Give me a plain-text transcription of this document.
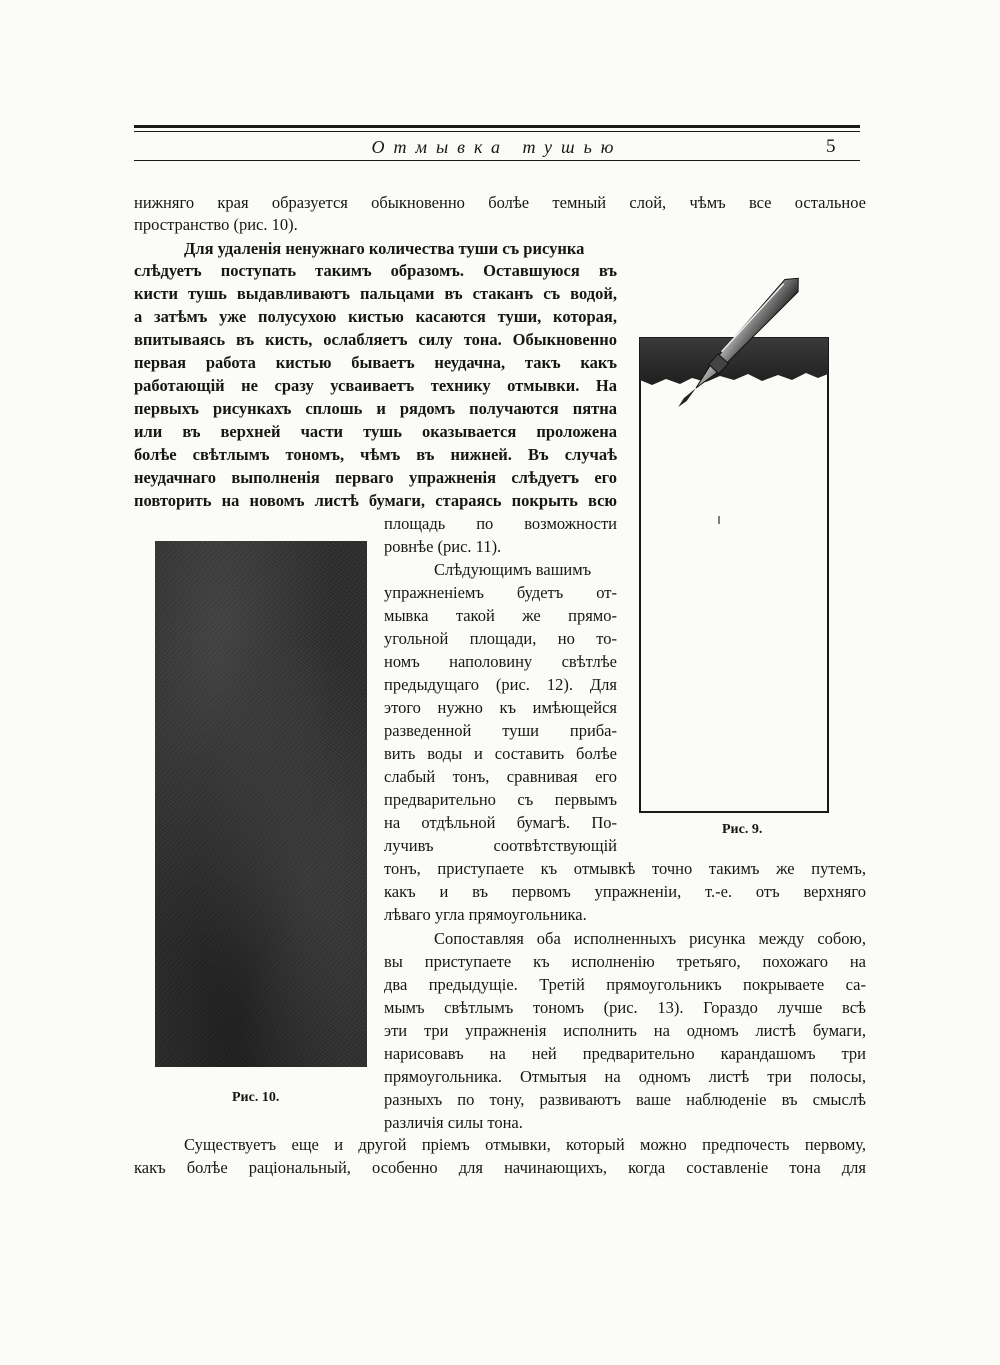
Отмывка тушью	5
нижняго края образуется обыкновенно болѣе темный слой, чѣмъ все остальное
пространство (рис. 10).
Для удаленія ненужнаго количества туши съ рисунка
слѣдуетъ поступать такимъ образомъ. Оставшуюся въ
кисти тушь выдавливаютъ пальцами въ стаканъ съ водой,
а затѣмъ уже полусухою кистью касаются туши, которая,
впитываясь въ кисть, ослабляетъ силу тона. Обыкновенно
первая работа кистью бываетъ неудачна, такъ какъ
работающій не сразу усваиваетъ технику отмывки. На
первыхъ рисункахъ сплошь и рядомъ получаются пятна
или въ верхней части тушь оказывается проложена
болѣе свѣтлымъ тономъ, чѣмъ въ нижней. Въ случаѣ
неудачнаго выполненія перваго упражненія слѣдуетъ его
повторить на новомъ листѣ бумаги, стараясь покрыть всю
площадь по возможности
ровнѣе (рис. 11).
Слѣдующимъ вашимъ
упражненіемъ будетъ от-
мывка такой же прямо-
угольной площади, но то-
номъ наполовину свѣтлѣе
предыдущаго (рис. 12). Для
этого нужно къ имѣющейся
разведенной туши приба-
вить воды и составить болѣе
слабый тонъ, сравнивая его
предварительно съ первымъ
на отдѣльной бумагѣ. По-
лучивъ соотвѣтствующій
тонъ, приступаете къ отмывкѣ точно такимъ же путемъ,
какъ и въ первомъ упражненіи, т.-е. отъ верхняго
лѣваго угла прямоугольника.
Сопоставляя оба исполненныхъ рисунка между собою,
вы приступаете къ исполненію третьяго, похожаго на
два предыдущіе. Третій прямоугольникъ покрываете са-
мымъ свѣтлымъ тономъ (рис. 13). Гораздо лучше всѣ
эти три упражненія исполнить на одномъ листѣ бумаги,
нарисовавъ на ней предварительно карандашомъ три
прямоугольника. Отмытыя на одномъ листѣ три полосы,
разныхъ по тону, развиваютъ ваше наблюденіе въ смыслѣ
различія силы тона.
Существуетъ еще и другой пріемъ отмывки, который можно предпочесть первому,
какъ болѣе раціональный, особенно для начинающихъ, когда составленіе тона для
Рис. 10.
Рис. 9.
